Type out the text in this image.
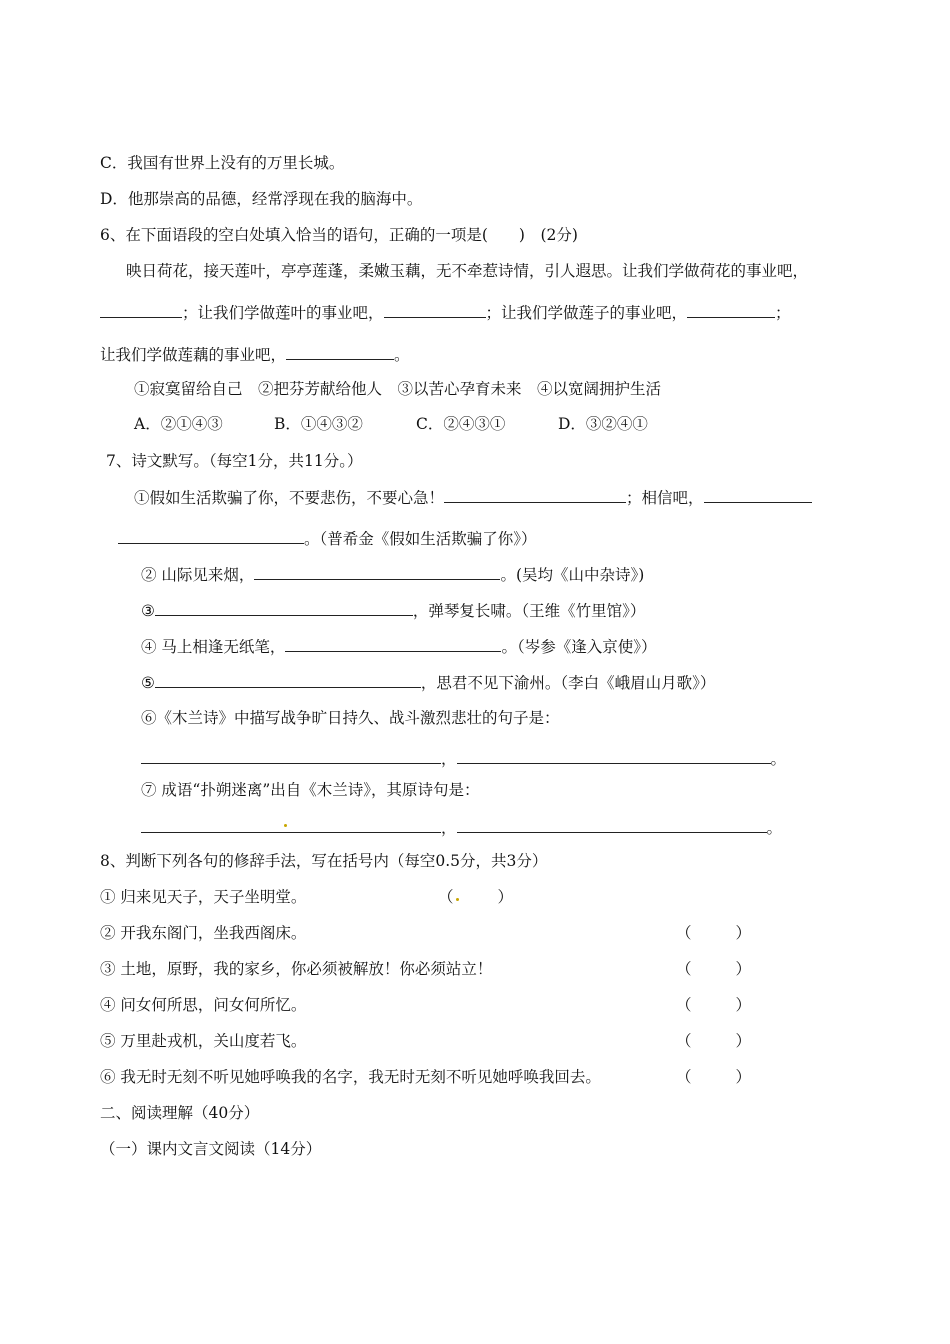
C．我国有世界上没有的万里长城。
D．他那崇高的品德，经常浮现在我的脑海中。
6、在下面语段的空白处填入恰当的语句，正确的一项是(　　)　(2分)
映日荷花，接天莲叶，亭亭莲蓬，柔嫩玉藕，无不牵惹诗情，引人遐思。让我们学做荷花的事业吧，
；让我们学做莲叶的事业吧，	；让我们学做莲子的事业吧，	；
让我们学做莲藕的事业吧，	。
①寂寞留给自己　②把芬芳献给他人　③以苦心孕育未来　④以宽阔拥护生活
A．②①④③	B．①④③②	C．②④③①	D．③②④①
7、诗文默写。（每空1分，共11分。）
①假如生活欺骗了你，不要悲伤，不要心急！	；相信吧，
。（普希金《假如生活欺骗了你》）
② 山际见来烟，	。(吴均《山中杂诗》)
③	，弹琴复长啸。（王维《竹里馆》）
④ 马上相逢无纸笔，	。（岑参《逢入京使》）
⑤	，思君不见下渝州。（李白《峨眉山月歌》）
⑥《木兰诗》中描写战争旷日持久、战斗激烈悲壮的句子是：
，	。
⑦ 成语“扑朔迷离”出自《木兰诗》，其原诗句是：
，	。
8、判断下列各句的修辞手法，写在括号内（每空0.5分，共3分）
① 归来见天子，天子坐明堂。	（	）
② 开我东阁门，坐我西阁床。	（	）
③ 土地，原野，我的家乡，你必须被解放！你必须站立！	（	）
④ 问女何所思，问女何所忆。	（	）
⑤ 万里赴戎机，关山度若飞。	（	）
⑥ 我无时无刻不听见她呼唤我的名字，我无时无刻不听见她呼唤我回去。	（	）
二、阅读理解（40分）
（一）课内文言文阅读（14分）
